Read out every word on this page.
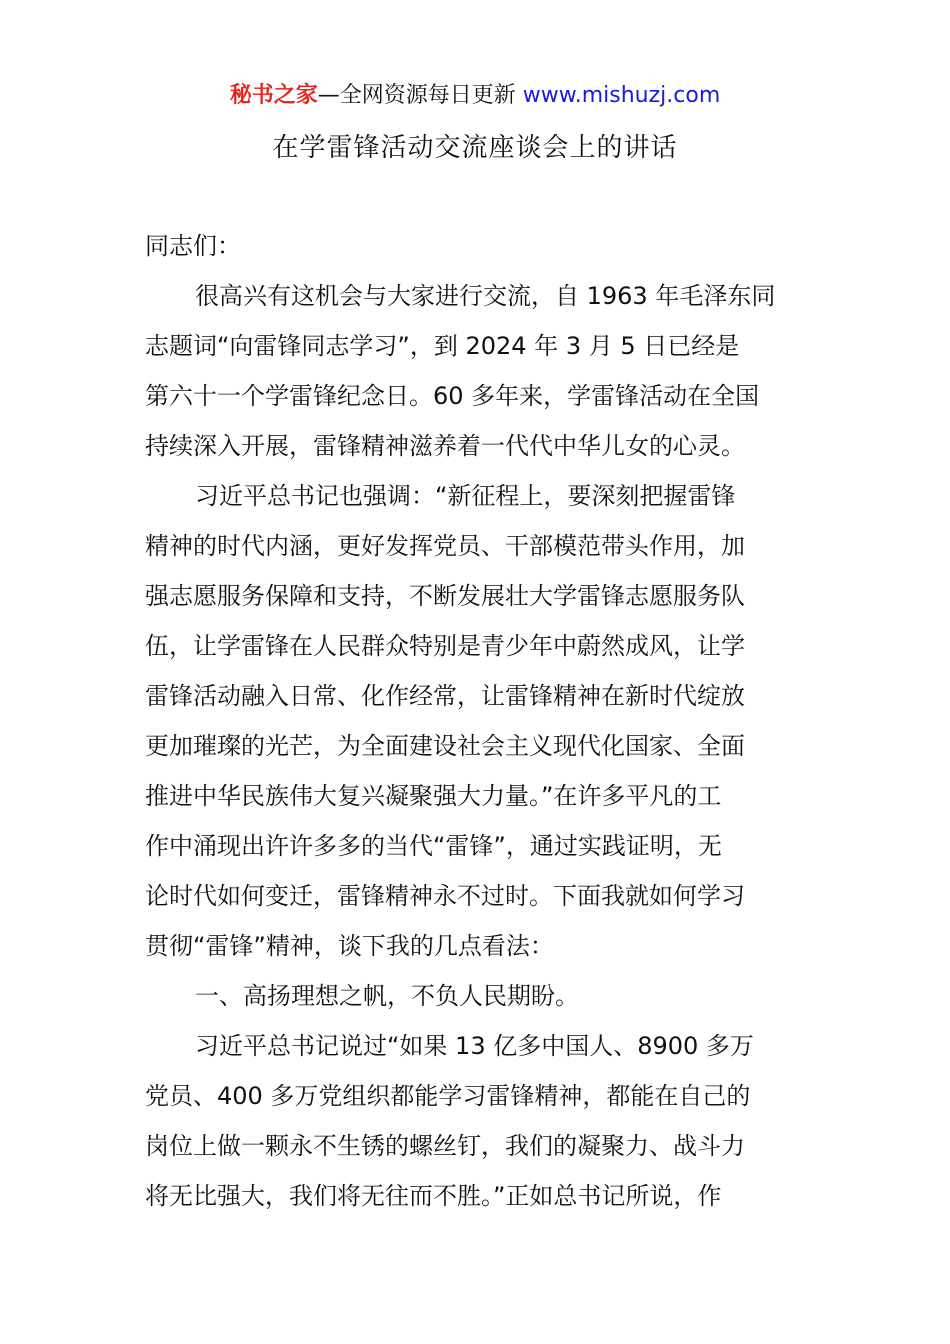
秘书之家—全网资源每日更新 www.mishuzj.com
在学雷锋活动交流座谈会上的讲话
同志们：
很高兴有这机会与大家进行交流，自 1963 年毛泽东同
志题词“向雷锋同志学习”，到 2024 年 3 月 5 日已经是
第六十一个学雷锋纪念日。60 多年来，学雷锋活动在全国
持续深入开展，雷锋精神滋养着一代代中华儿女的心灵。
习近平总书记也强调：“新征程上，要深刻把握雷锋
精神的时代内涵，更好发挥党员、干部模范带头作用，加
强志愿服务保障和支持，不断发展壮大学雷锋志愿服务队
伍，让学雷锋在人民群众特别是青少年中蔚然成风，让学
雷锋活动融入日常、化作经常，让雷锋精神在新时代绽放
更加璀璨的光芒，为全面建设社会主义现代化国家、全面
推进中华民族伟大复兴凝聚强大力量。”在许多平凡的工
作中涌现出许许多多的当代“雷锋”，通过实践证明，无
论时代如何变迁，雷锋精神永不过时。下面我就如何学习
贯彻“雷锋”精神，谈下我的几点看法：
一、高扬理想之帆，不负人民期盼。
习近平总书记说过“如果 13 亿多中国人、8900 多万
党员、400 多万党组织都能学习雷锋精神，都能在自己的
岗位上做一颗永不生锈的螺丝钉，我们的凝聚力、战斗力
将无比强大，我们将无往而不胜。”正如总书记所说，作
